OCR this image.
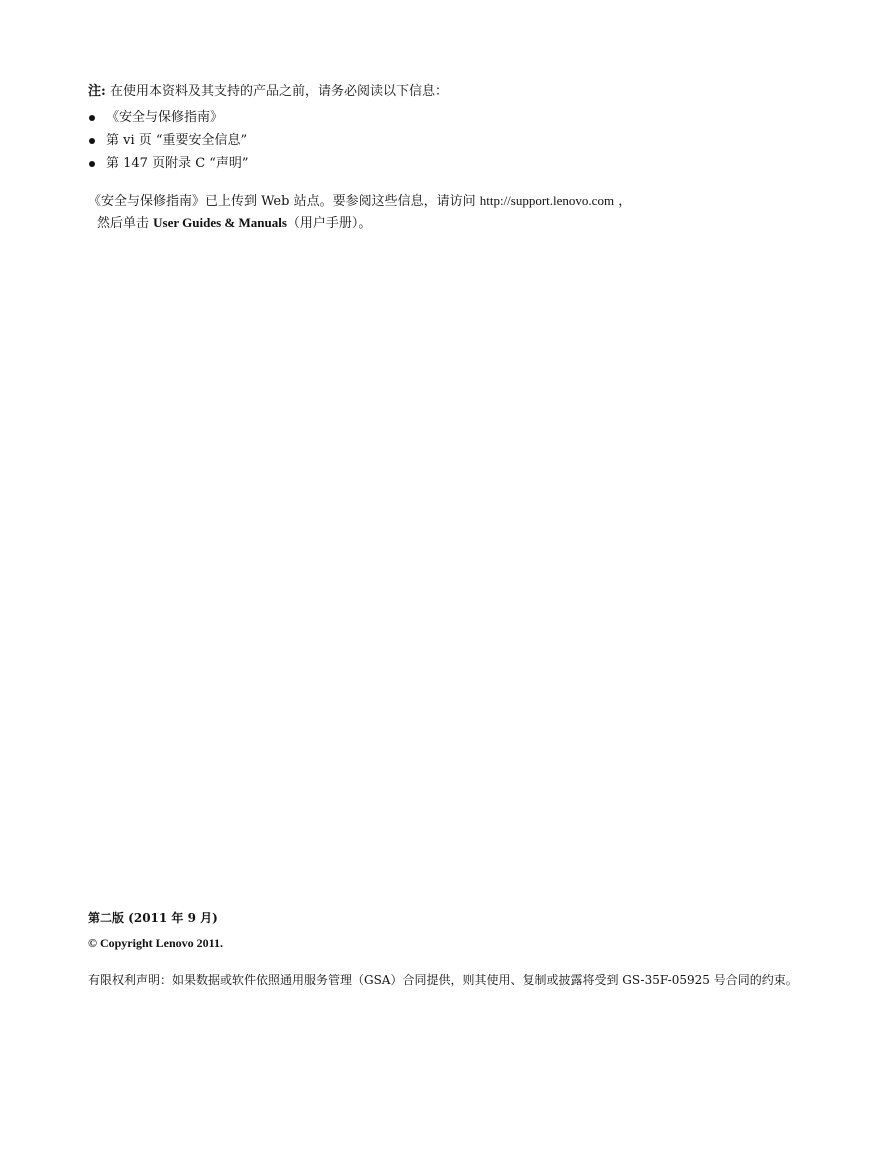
注: 在使用本资料及其支持的产品之前，请务必阅读以下信息：
《安全与保修指南》
第 vi 页 “重要安全信息”
第 147 页附录 C “声明”
《安全与保修指南》已上传到 Web 站点。要参阅这些信息，请访问 http://support.lenovo.com ，
然后单击 User Guides & Manuals（用户手册）。
第二版 (2011 年 9 月)
© Copyright Lenovo 2011.
有限权利声明：如果数据或软件依照通用服务管理（GSA）合同提供，则其使用、复制或披露将受到 GS-35F-05925 号合同的约束。
